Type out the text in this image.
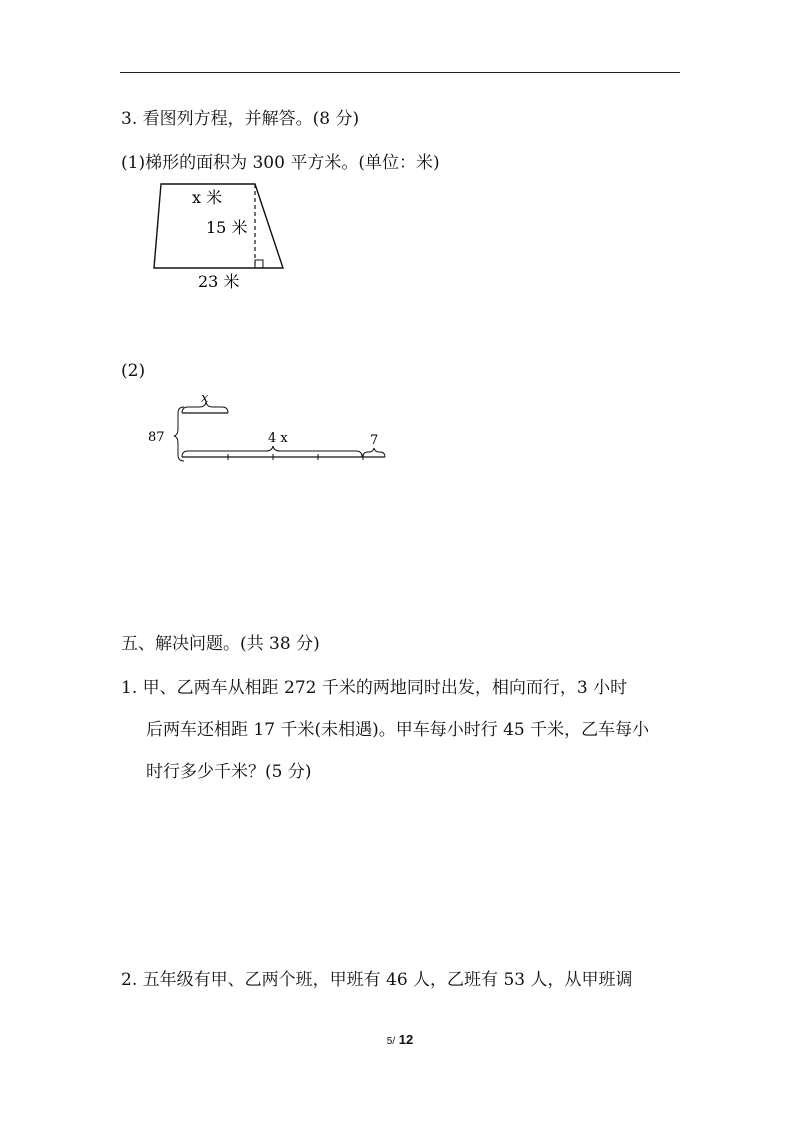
3. 看图列方程，并解答。(8 分)
(1)梯形的面积为 300 平方米。(单位：米)
x 米
15 米
23 米
(2)
x
87	4 x	7
五、解决问题。(共 38 分)
1. 甲、乙两车从相距 272 千米的两地同时出发，相向而行，3 小时
后两车还相距 17 千米(未相遇)。甲车每小时行 45 千米，乙车每小
时行多少千米？(5 分)
2. 五年级有甲、乙两个班，甲班有 46 人，乙班有 53 人，从甲班调
5/ 12
